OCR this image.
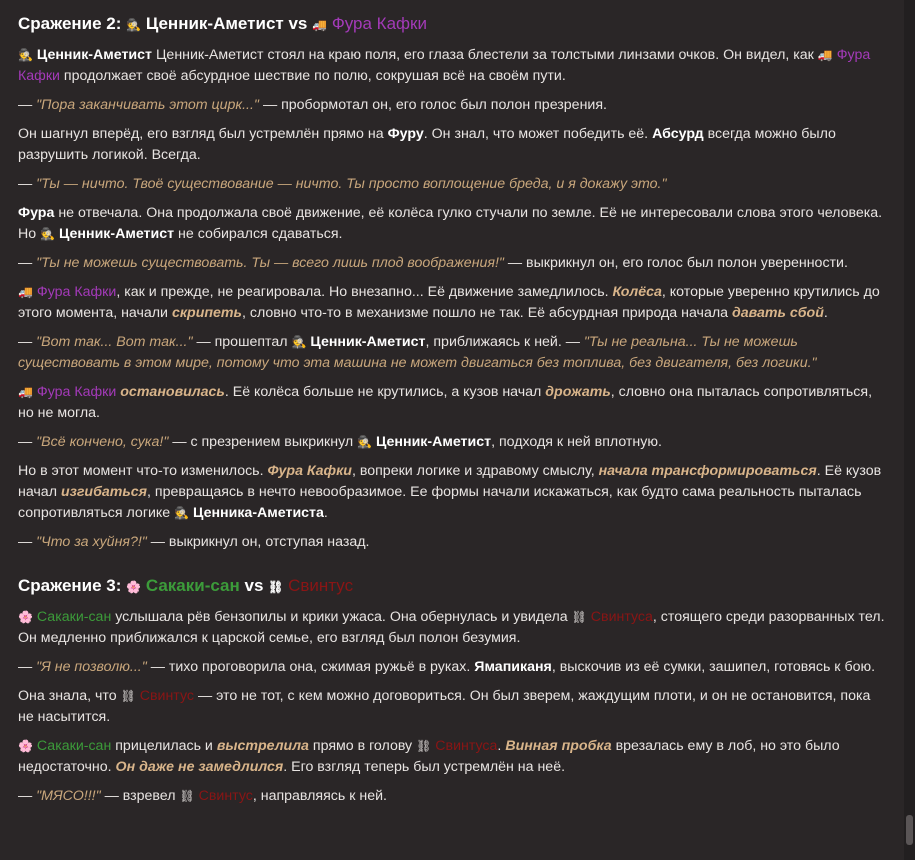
Сражение 2: 🕵️ Ценник-Аметист vs 🚚 Фура Кафки

🕵️ Ценник-Аметист Ценник-Аметист стоял на краю поля, его глаза блестели за толстыми линзами очков. Он видел, как 🚚 Фура Кафки продолжает своё абсурдное шествие по полю, сокрушая всё на своём пути.

— "Пора заканчивать этот цирк..." — пробормотал он, его голос был полон презрения.

Он шагнул вперёд, его взгляд был устремлён прямо на Фуру. Он знал, что может победить её. Абсурд всегда можно было разрушить логикой. Всегда.

— "Ты — ничто. Твоё существование — ничто. Ты просто воплощение бреда, и я докажу это."

Фура не отвечала. Она продолжала своё движение, её колёса гулко стучали по земле. Её не интересовали слова этого человека. Но 🕵️ Ценник-Аметист не собирался сдаваться.

— "Ты не можешь существовать. Ты — всего лишь плод воображения!" — выкрикнул он, его голос был полон уверенности.

🚚 Фура Кафки, как и прежде, не реагировала. Но внезапно... Её движение замедлилось. Колёса, которые уверенно крутились до этого момента, начали скрипеть, словно что-то в механизме пошло не так. Её абсурдная природа начала давать сбой.

— "Вот так... Вот так..." — прошептал 🕵️ Ценник-Аметист, приближаясь к ней. — "Ты не реальна... Ты не можешь существовать в этом мире, потому что эта машина не может двигаться без топлива, без двигателя, без логики."

🚚 Фура Кафки остановилась. Её колёса больше не крутились, а кузов начал дрожать, словно она пыталась сопротивляться, но не могла.

— "Всё кончено, сука!" — с презрением выкрикнул 🕵️ Ценник-Аметист, подходя к ней вплотную.

Но в этот момент что-то изменилось. Фура Кафки, вопреки логике и здравому смыслу, начала трансформироваться. Её кузов начал изгибаться, превращаясь в нечто невообразимое. Ее формы начали искажаться, как будто сама реальность пыталась сопротивляться логике 🕵️ Ценника-Аметиста.

— "Что за хуйня?!" — выкрикнул он, отступая назад.

Сражение 3: 🌸 Сакаки-сан vs ⛓ Свинтус

🌸 Сакаки-сан услышала рёв бензопилы и крики ужаса. Она обернулась и увидела ⛓ Свинтуса, стоящего среди разорванных тел. Он медленно приближался к царской семье, его взгляд был полон безумия.

— "Я не позволю..." — тихо проговорила она, сжимая ружьё в руках. Ямапиканя, выскочив из её сумки, зашипел, готовясь к бою.

Она знала, что ⛓ Свинтус — это не тот, с кем можно договориться. Он был зверем, жаждущим плоти, и он не остановится, пока не насытится.

🌸 Сакаки-сан прицелилась и выстрелила прямо в голову ⛓ Свинтуса. Винная пробка врезалась ему в лоб, но это было недостаточно. Он даже не замедлился. Его взгляд теперь был устремлён на неё.

— "МЯСО!!!" — взревел ⛓ Свинтус, направляясь к ней.
